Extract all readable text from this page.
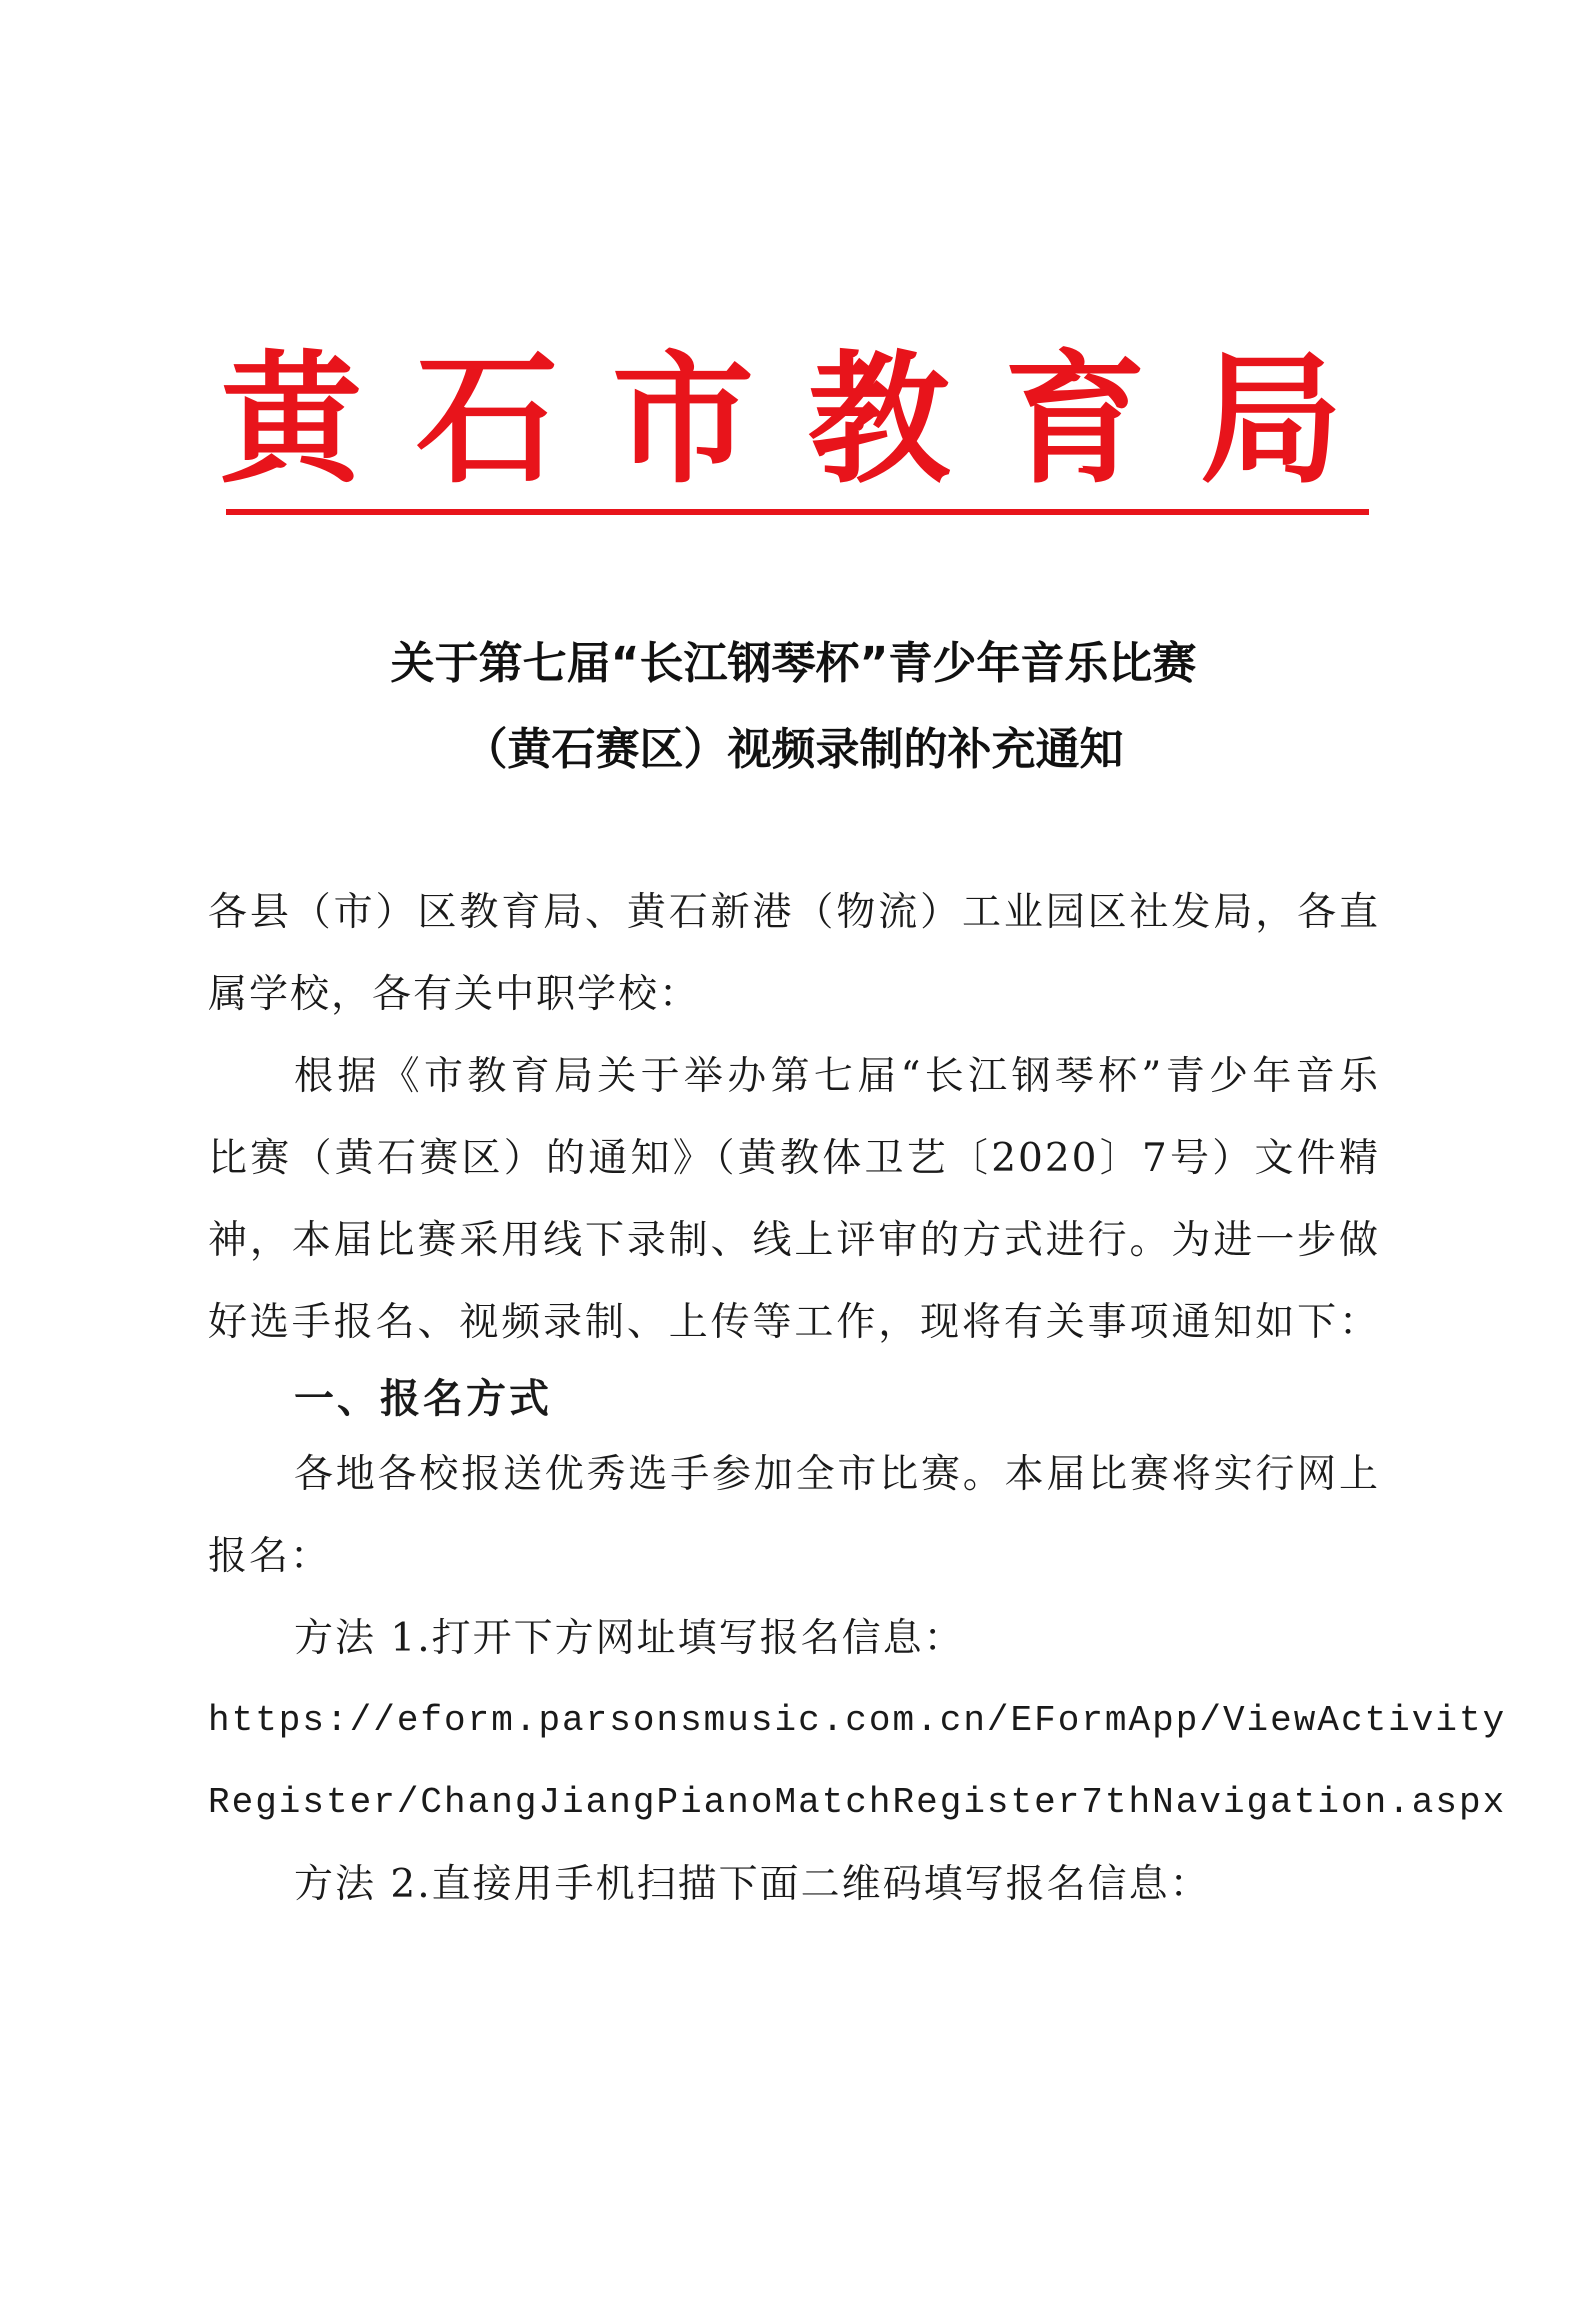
黄石市教育局
关于第七届“长江钢琴杯”青少年音乐比赛
（黄石赛区）视频录制的补充通知
各县（市）区教育局、黄石新港（物流）工业园区社发局，各直
属学校，各有关中职学校：
根据《市教育局关于举办第七届“长江钢琴杯”青少年音乐
比赛（黄石赛区）的通知》（黄教体卫艺〔2020〕7号）文件精
神，本届比赛采用线下录制、线上评审的方式进行。为进一步做
好选手报名、视频录制、上传等工作，现将有关事项通知如下：
一、报名方式
各地各校报送优秀选手参加全市比赛。本届比赛将实行网上
报名：
方法 1.打开下方网址填写报名信息：
https://eform.parsonsmusic.com.cn/EFormApp/ViewActivity
Register/ChangJiangPianoMatchRegister7thNavigation.aspx
方法 2.直接用手机扫描下面二维码填写报名信息：
